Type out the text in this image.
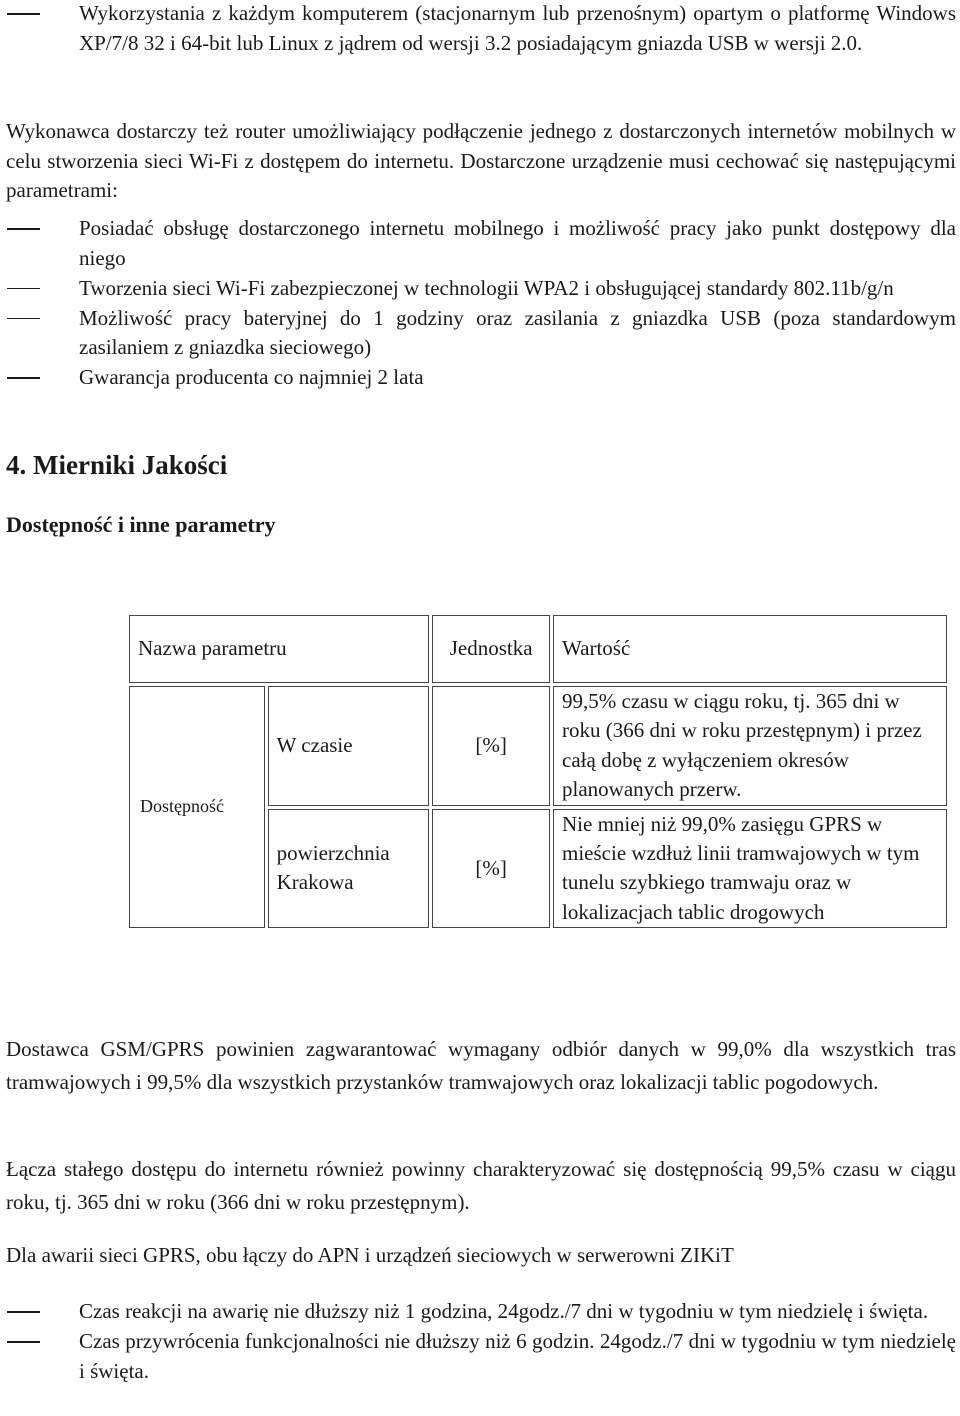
Wykorzystania z każdym komputerem (stacjonarnym lub przenośnym) opartym o platformę Windows XP/7/8 32 i 64-bit lub Linux z jądrem od wersji 3.2 posiadającym gniazda USB w wersji 2.0.

Wykonawca dostarczy też router umożliwiający podłączenie jednego z dostarczonych internetów mobilnych w celu stworzenia sieci Wi-Fi z dostępem do internetu. Dostarczone urządzenie musi cechować się następującymi parametrami:

Posiadać obsługę dostarczonego internetu mobilnego i możliwość pracy jako punkt dostępowy dla niego
Tworzenia sieci Wi-Fi zabezpieczonej w technologii WPA2 i obsługującej standardy 802.11b/g/n
Możliwość pracy bateryjnej do 1 godziny oraz zasilania z gniazdka USB (poza standardowym zasilaniem z gniazdka sieciowego)
Gwarancja producenta co najmniej 2 lata
4. Mierniki Jakości
Dostępność i inne parametry
Nazwa parametru		Jednostka	Wartość
Dostępność	W czasie	[%]	99,5% czasu w ciągu roku, tj. 365 dni w roku (366 dni w roku przestępnym) i przez całą dobę z wyłączeniem okresów planowanych przerw.
	powierzchnia Krakowa	[%]	Nie mniej niż 99,0% zasięgu GPRS w mieście wzdłuż linii tramwajowych w tym tunelu szybkiego tramwaju oraz w lokalizacjach tablic drogowych

Dostawca GSM/GPRS powinien zagwarantować wymagany odbiór danych w 99,0% dla wszystkich tras tramwajowych i 99,5% dla wszystkich przystanków tramwajowych oraz lokalizacji tablic pogodowych.

Łącza stałego dostępu do internetu również powinny charakteryzować się dostępnością 99,5% czasu w ciągu roku, tj. 365 dni w roku (366 dni w roku przestępnym).

Dla awarii sieci GPRS, obu łączy do APN i urządzeń sieciowych w serwerowni ZIKiT

Czas reakcji na awarię nie dłuższy niż 1 godzina, 24godz./7 dni w tygodniu w tym niedzielę i święta.
Czas przywrócenia funkcjonalności nie dłuższy niż 6 godzin. 24godz./7 dni w tygodniu w tym niedzielę i święta.
